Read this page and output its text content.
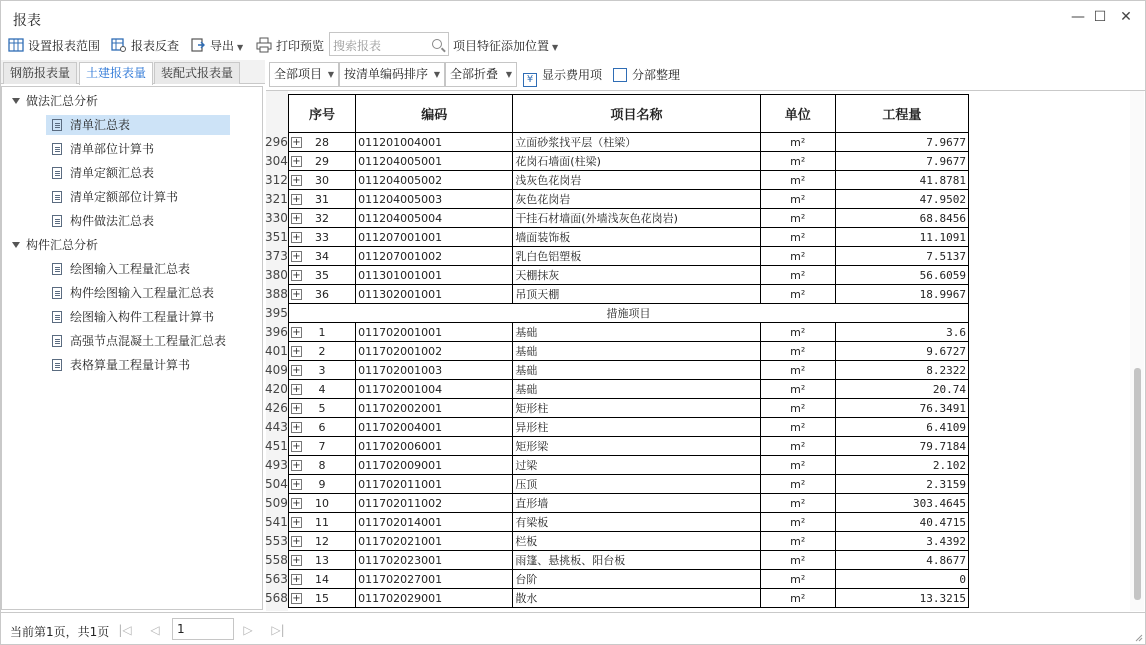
报表	— ☐ ✕
设置报表范围	报表反查	导出 ▼	打印预览	项目特征添加位置 ▼
搜索报表
钢筋报表量	土建报表量	装配式报表量
做法汇总分析
清单汇总表
清单部位计算书
清单定额汇总表
清单定额部位计算书
构件做法汇总表
构件汇总分析
绘图输入工程量汇总表
构件绘图输入工程量汇总表
绘图输入构件工程量计算书
高强节点混凝土工程量汇总表
表格算量工程量计算书
全部项目 ▼ 按清单编码排序 ▼ 全部折叠 ▼	¥ 显示费用项	分部整理
序号	编码	项目名称	单位	工程量

296 + 28	011201004001	立面砂浆找平层（柱梁）	m²	7.9677

304 + 29	011204005001	花岗石墙面(柱梁)	m²	7.9677

312 + 30	011204005002	浅灰色花岗岩	m²	41.8781

321 + 31	011204005003	灰色花岗岩	m²	47.9502

330 + 32	011204005004	干挂石材墙面(外墙浅灰色花岗岩)	m²	68.8456

351 + 33	011207001001	墙面装饰板	m²	11.1091

373 + 34	011207001002	乳白色铝塑板	m²	7.5137

380 + 35	011301001001	天棚抹灰	m²	56.6059

388 + 36	011302001001	吊顶天棚	m²	18.9967

395 措施项目				

396 + 1	011702001001	基础	m²	3.6

401 + 2	011702001002	基础	m²	9.6727

409 + 3	011702001003	基础	m²	8.2322

420 + 4	011702001004	基础	m²	20.74

426 + 5	011702002001	矩形柱	m²	76.3491

443 + 6	011702004001	异形柱	m²	6.4109

451 + 7	011702006001	矩形梁	m²	79.7184

493 + 8	011702009001	过梁	m²	2.102

504 + 9	011702011001	压顶	m²	2.3159

509 + 10	011702011002	直形墙	m²	303.4645

541 + 11	011702014001	有梁板	m²	40.4715

553 + 12	011702021001	栏板	m²	3.4392

558 + 13	011702023001	雨篷、悬挑板、阳台板	m²	4.8677

563 + 14	011702027001	台阶	m²	0

568 + 15	011702029001	散水	m²	13.3215
当前第1页，共1页 |◁ ◁	1	▷ ▷|
